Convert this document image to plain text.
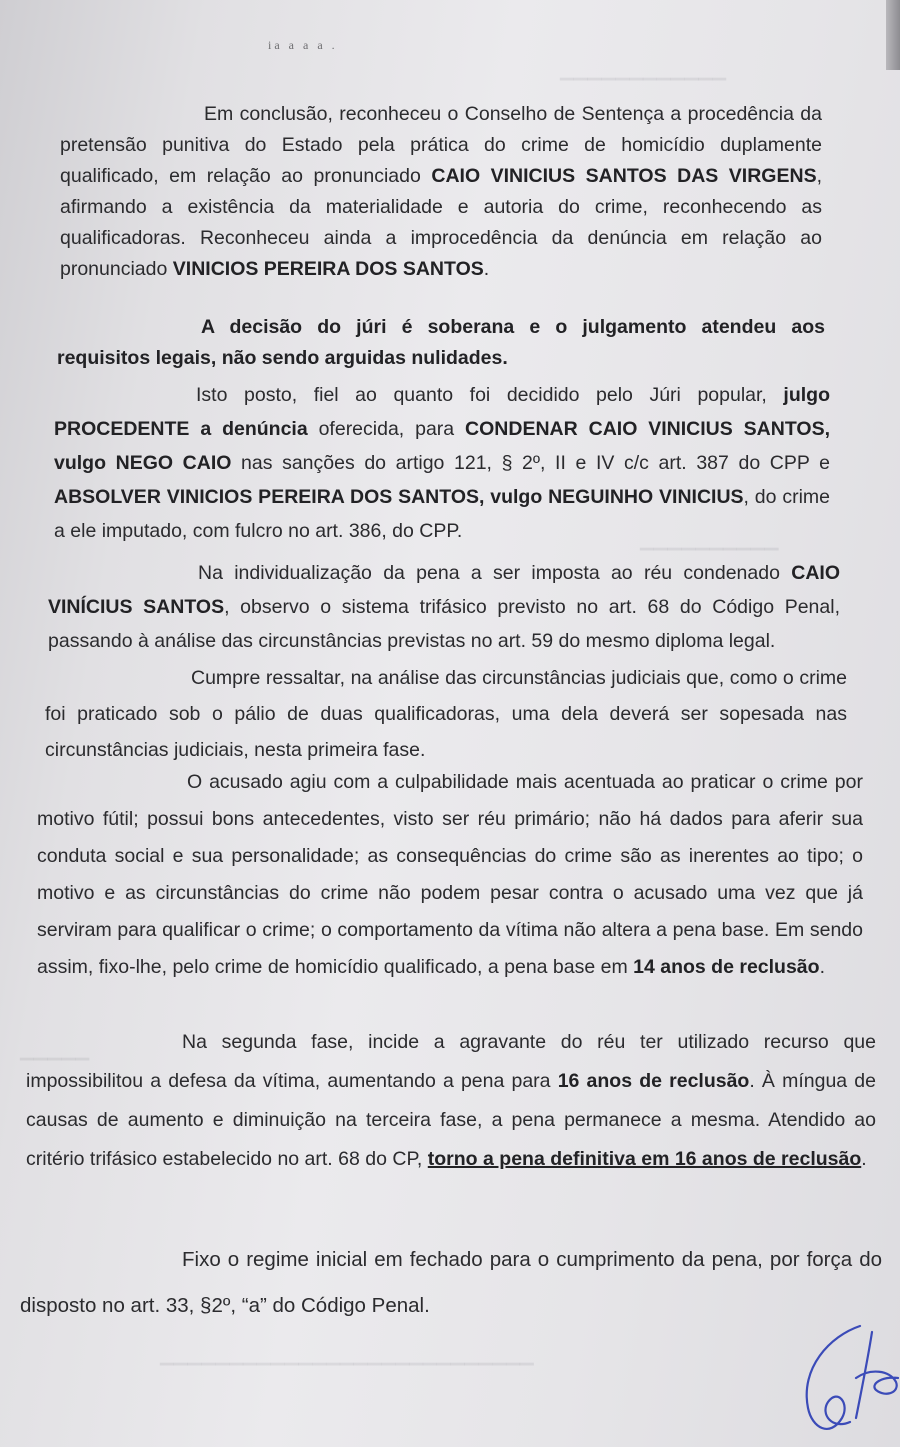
ia a a a .
▁▁▁▁▁▁▁▁▁▁▁▁
▁▁▁▁▁▁▁▁▁▁
▁▁▁▁▁
▁▁▁▁▁▁▁▁▁▁▁▁▁▁▁▁▁▁▁▁▁▁▁▁▁▁▁

Em conclusão, reconheceu o Conselho de Sentença a procedência da pretensão punitiva do Estado pela prática do crime de homicídio duplamente qualificado, em relação ao pronunciado CAIO VINICIUS SANTOS DAS VIRGENS, afirmando a existência da materialidade e autoria do crime, reconhecendo as qualificadoras. Reconheceu ainda a improcedência da denúncia em relação ao pronunciado VINICIOS PEREIRA DOS SANTOS.

A decisão do júri é soberana e o julgamento atendeu aos requisitos legais, não sendo arguidas nulidades.

Isto posto, fiel ao quanto foi decidido pelo Júri popular, julgo PROCEDENTE a denúncia oferecida, para CONDENAR CAIO VINICIUS SANTOS, vulgo NEGO CAIO nas sanções do artigo 121, § 2º, II e IV c/c art. 387 do CPP e ABSOLVER VINICIOS PEREIRA DOS SANTOS, vulgo NEGUINHO VINICIUS, do crime a ele imputado, com fulcro no art. 386, do CPP.

Na individualização da pena a ser imposta ao réu condenado CAIO VINÍCIUS SANTOS, observo o sistema trifásico previsto no art. 68 do Código Penal, passando à análise das circunstâncias previstas no art. 59 do mesmo diploma legal.

Cumpre ressaltar, na análise das circunstâncias judiciais que, como o crime foi praticado sob o pálio de duas qualificadoras, uma dela deverá ser sopesada nas circunstâncias judiciais, nesta primeira fase.

O acusado agiu com a culpabilidade mais acentuada ao praticar o crime por motivo fútil; possui bons antecedentes, visto ser réu primário; não há dados para aferir sua conduta social e sua personalidade; as consequências do crime são as inerentes ao tipo; o motivo e as circunstâncias do crime não podem pesar contra o acusado uma vez que já serviram para qualificar o crime; o comportamento da vítima não altera a pena base. Em sendo assim, fixo-lhe, pelo crime de homicídio qualificado, a pena base em 14 anos de reclusão.

Na segunda fase, incide a agravante do réu ter utilizado recurso que impossibilitou a defesa da vítima, aumentando a pena para 16 anos de reclusão. À míngua de causas de aumento e diminuição na terceira fase, a pena permanece a mesma. Atendido ao critério trifásico estabelecido no art. 68 do CP, torno a pena definitiva em 16 anos de reclusão.

Fixo o regime inicial em fechado para o cumprimento da pena, por força do disposto no art. 33, §2º, “a” do Código Penal.
